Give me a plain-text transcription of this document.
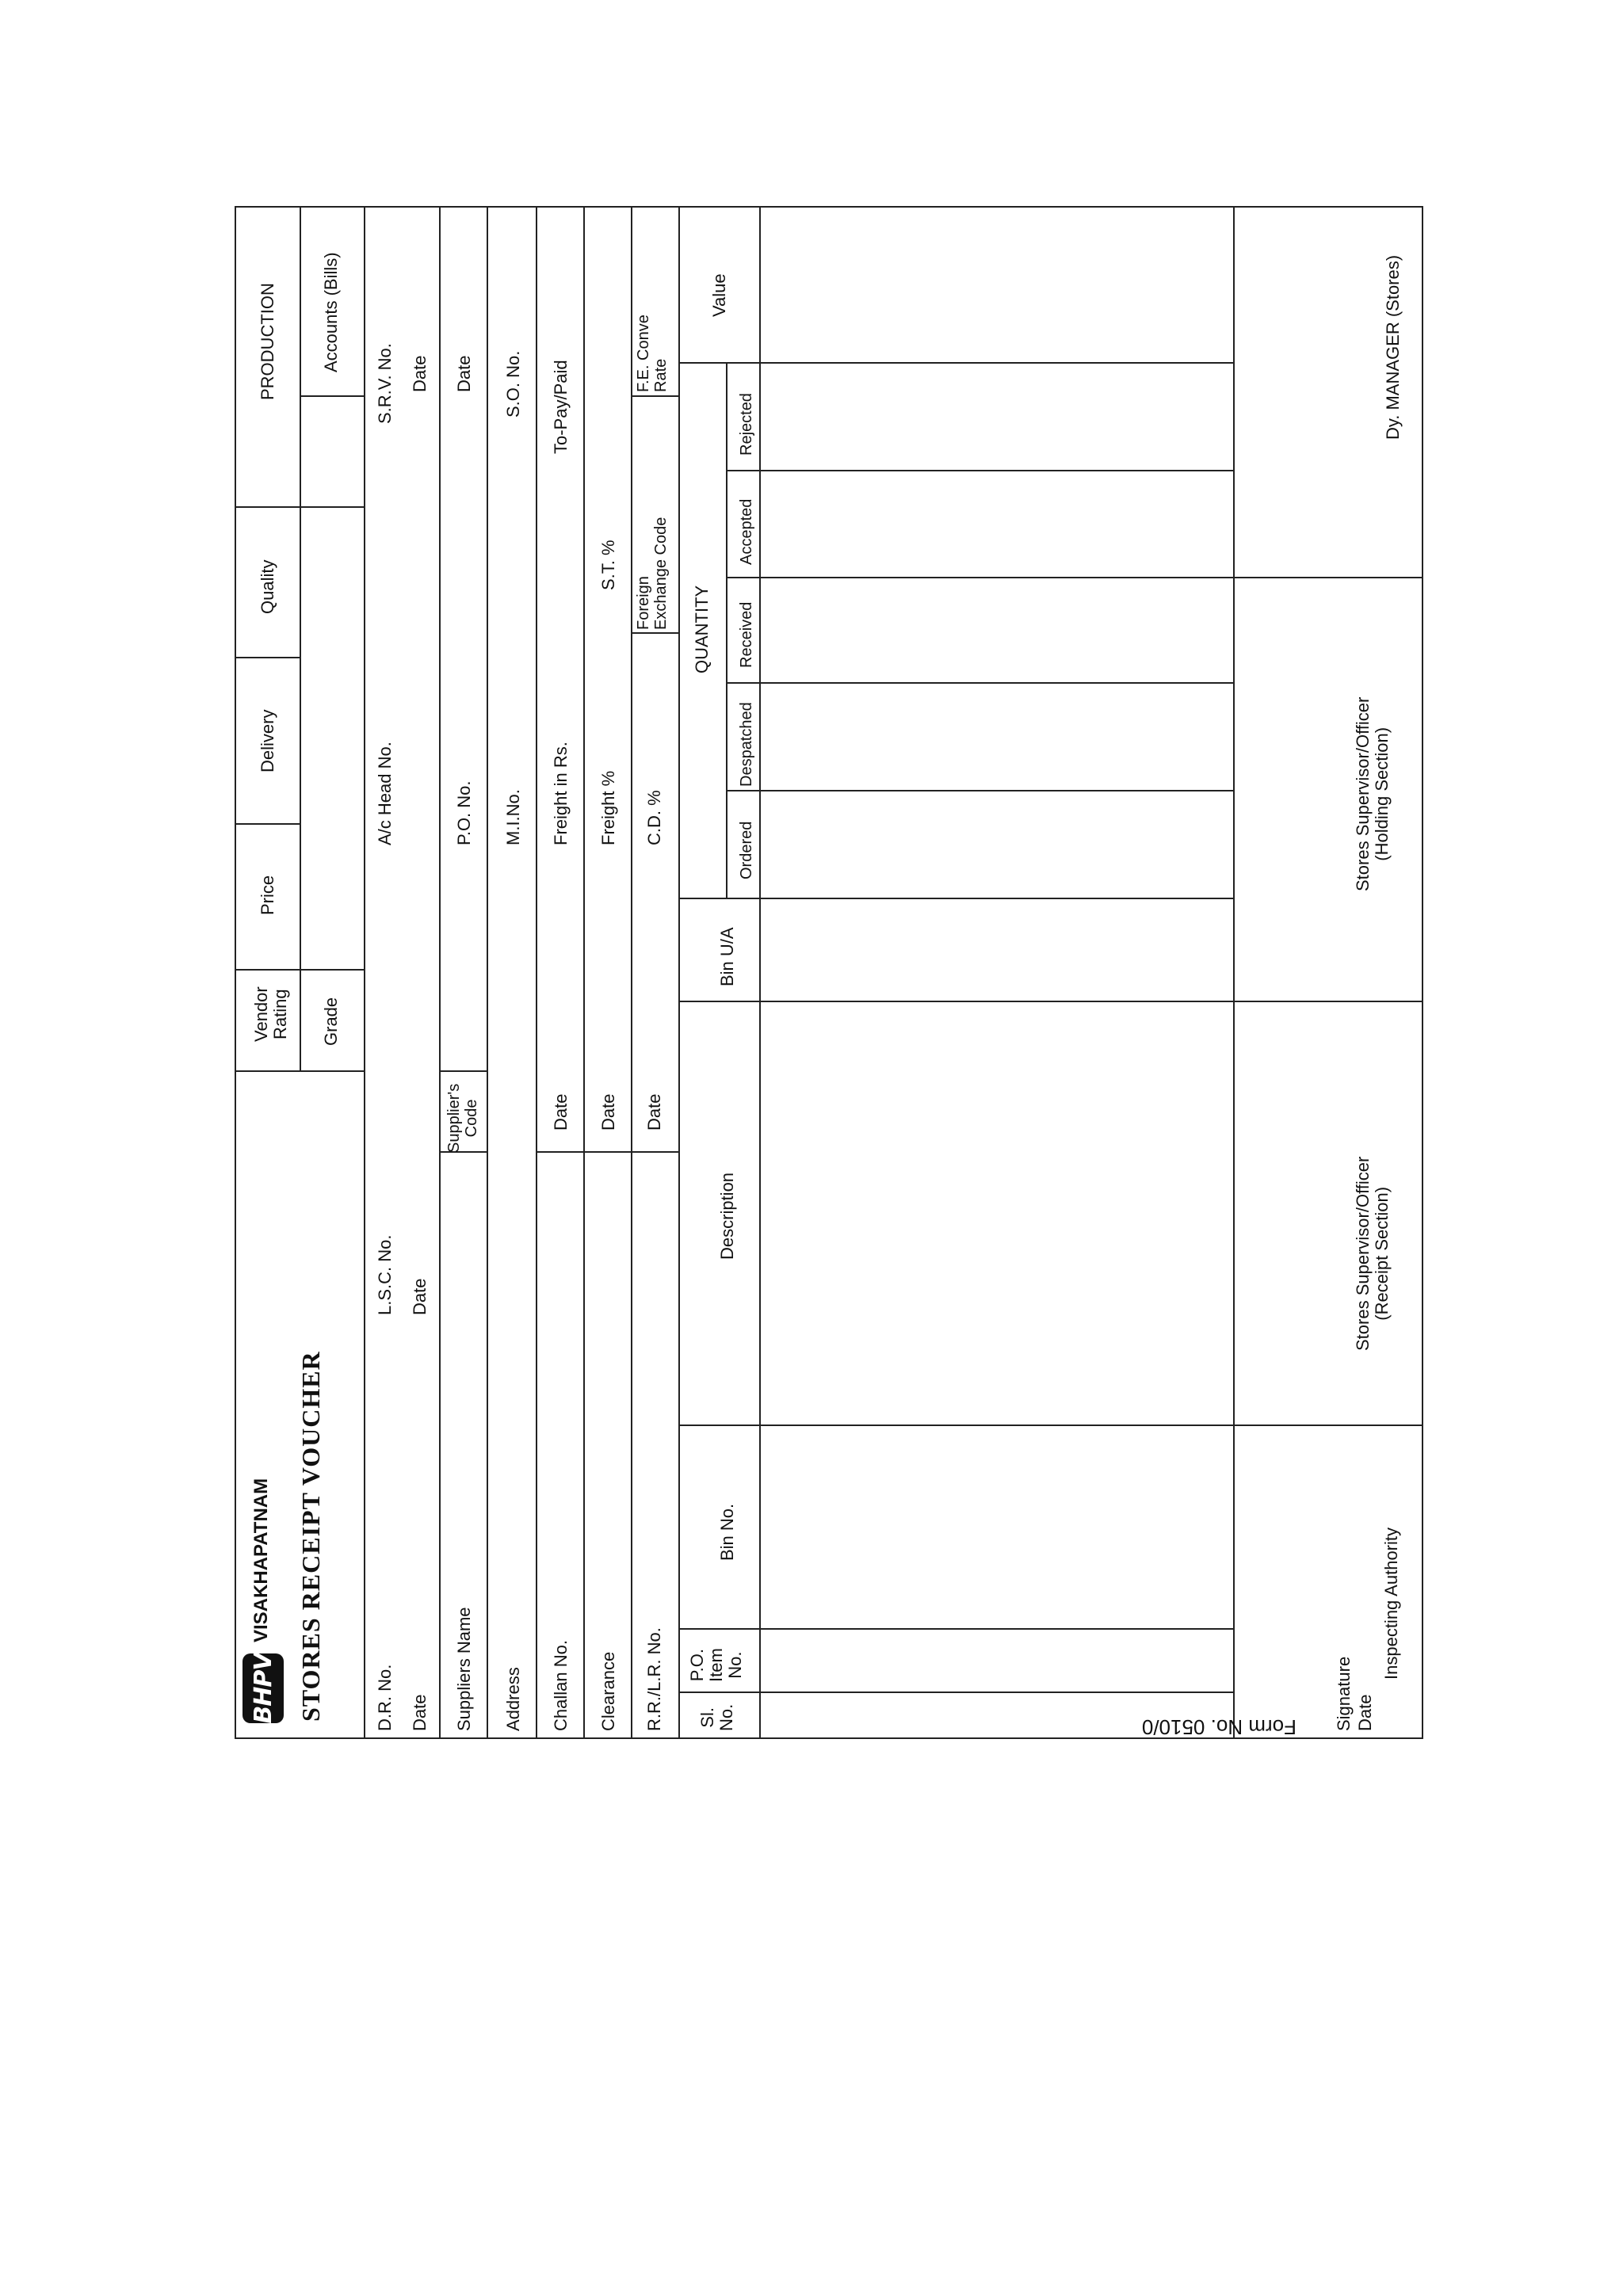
BHPV
VISAKHAPATNAM STORES RECEIPT VOUCHER
Vendor
Rating Grade
Price
Delivery
Quality
PRODUCTION	Accounts (Bills)
D.R. No. Date
L.S.C. No. Date
A/c Head No.
S.R.V. No. Date
Suppliers Name
Supplier's
Code
P.O. No.
Date
Address
M.I.No.
S.O. No.
Challan No.
Date
Freight in Rs.
To-Pay/Paid
Clearance
Date
Freight %
S.T. %
R.R./L.R. No.
Date
C.D. %
Foreign
Exchange Code
F.E. Conve
Rate
Sl.
No.
P.O.
Item
No.
Bin No.
Description
Bin U/A
QUANTITY
Ordered
Despatched
Received
Accepted
Rejected
Value
Signature Date
Inspecting Authority
Stores Supervisor/Officer
(Receipt Section)
Stores Supervisor/Officer
(Holding Section)
Dy. MANAGER (Stores)
Form No. 0510/0
